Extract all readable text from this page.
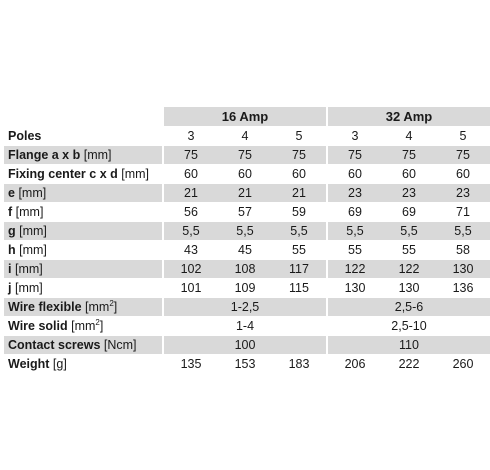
16 Amp	32 Amp
Poles	3	4	5	3	4	5
Flange a x b [mm]	75	75	75	75	75	75
Fixing center c x d [mm]	60	60	60	60	60	60
e [mm]	21	21	21	23	23	23
f [mm]	56	57	59	69	69	71
g [mm]	5,5	5,5	5,5	5,5	5,5	5,5
h [mm]	43	45	55	55	55	58
i [mm]	102	108	117	122	122	130
j [mm]	101	109	115	130	130	136
Wire flexible $[mm^2]$	1-2,5	2,5-6
Wire solid $[mm^2]$	1-4	2,5-10
Contact screws [Ncm]	100	110
Weight [g]	135	153	183	206	222	260
